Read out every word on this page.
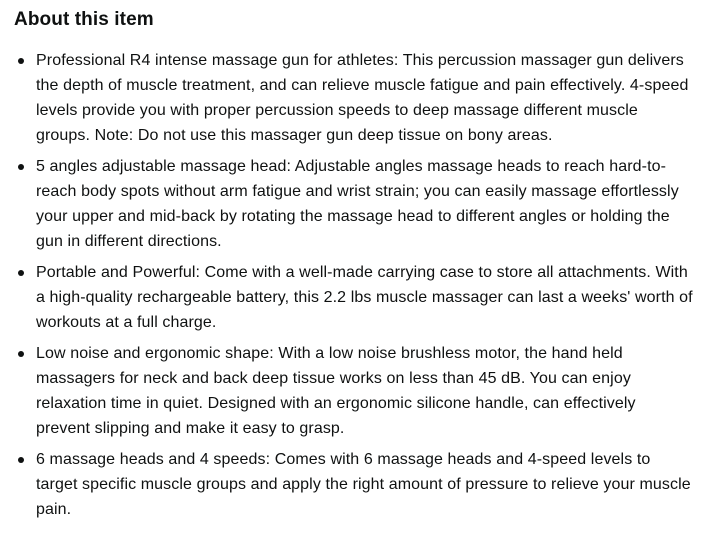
About this item
Professional R4 intense massage gun for athletes: This percussion massager gun delivers the depth of muscle treatment, and can relieve muscle fatigue and pain effectively. 4-speed levels provide you with proper percussion speeds to deep massage different muscle groups. Note: Do not use this massager gun deep tissue on bony areas.
5 angles adjustable massage head: Adjustable angles massage heads to reach hard-to-reach body spots without arm fatigue and wrist strain; you can easily massage effortlessly your upper and mid-back by rotating the massage head to different angles or holding the gun in different directions.
Portable and Powerful: Come with a well-made carrying case to store all attachments. With a high-quality rechargeable battery, this 2.2 lbs muscle massager can last a weeks' worth of workouts at a full charge.
Low noise and ergonomic shape: With a low noise brushless motor, the hand held massagers for neck and back deep tissue works on less than 45 dB. You can enjoy relaxation time in quiet. Designed with an ergonomic silicone handle, can effectively prevent slipping and make it easy to grasp.
6 massage heads and 4 speeds: Comes with 6 massage heads and 4-speed levels to target specific muscle groups and apply the right amount of pressure to relieve your muscle pain.
